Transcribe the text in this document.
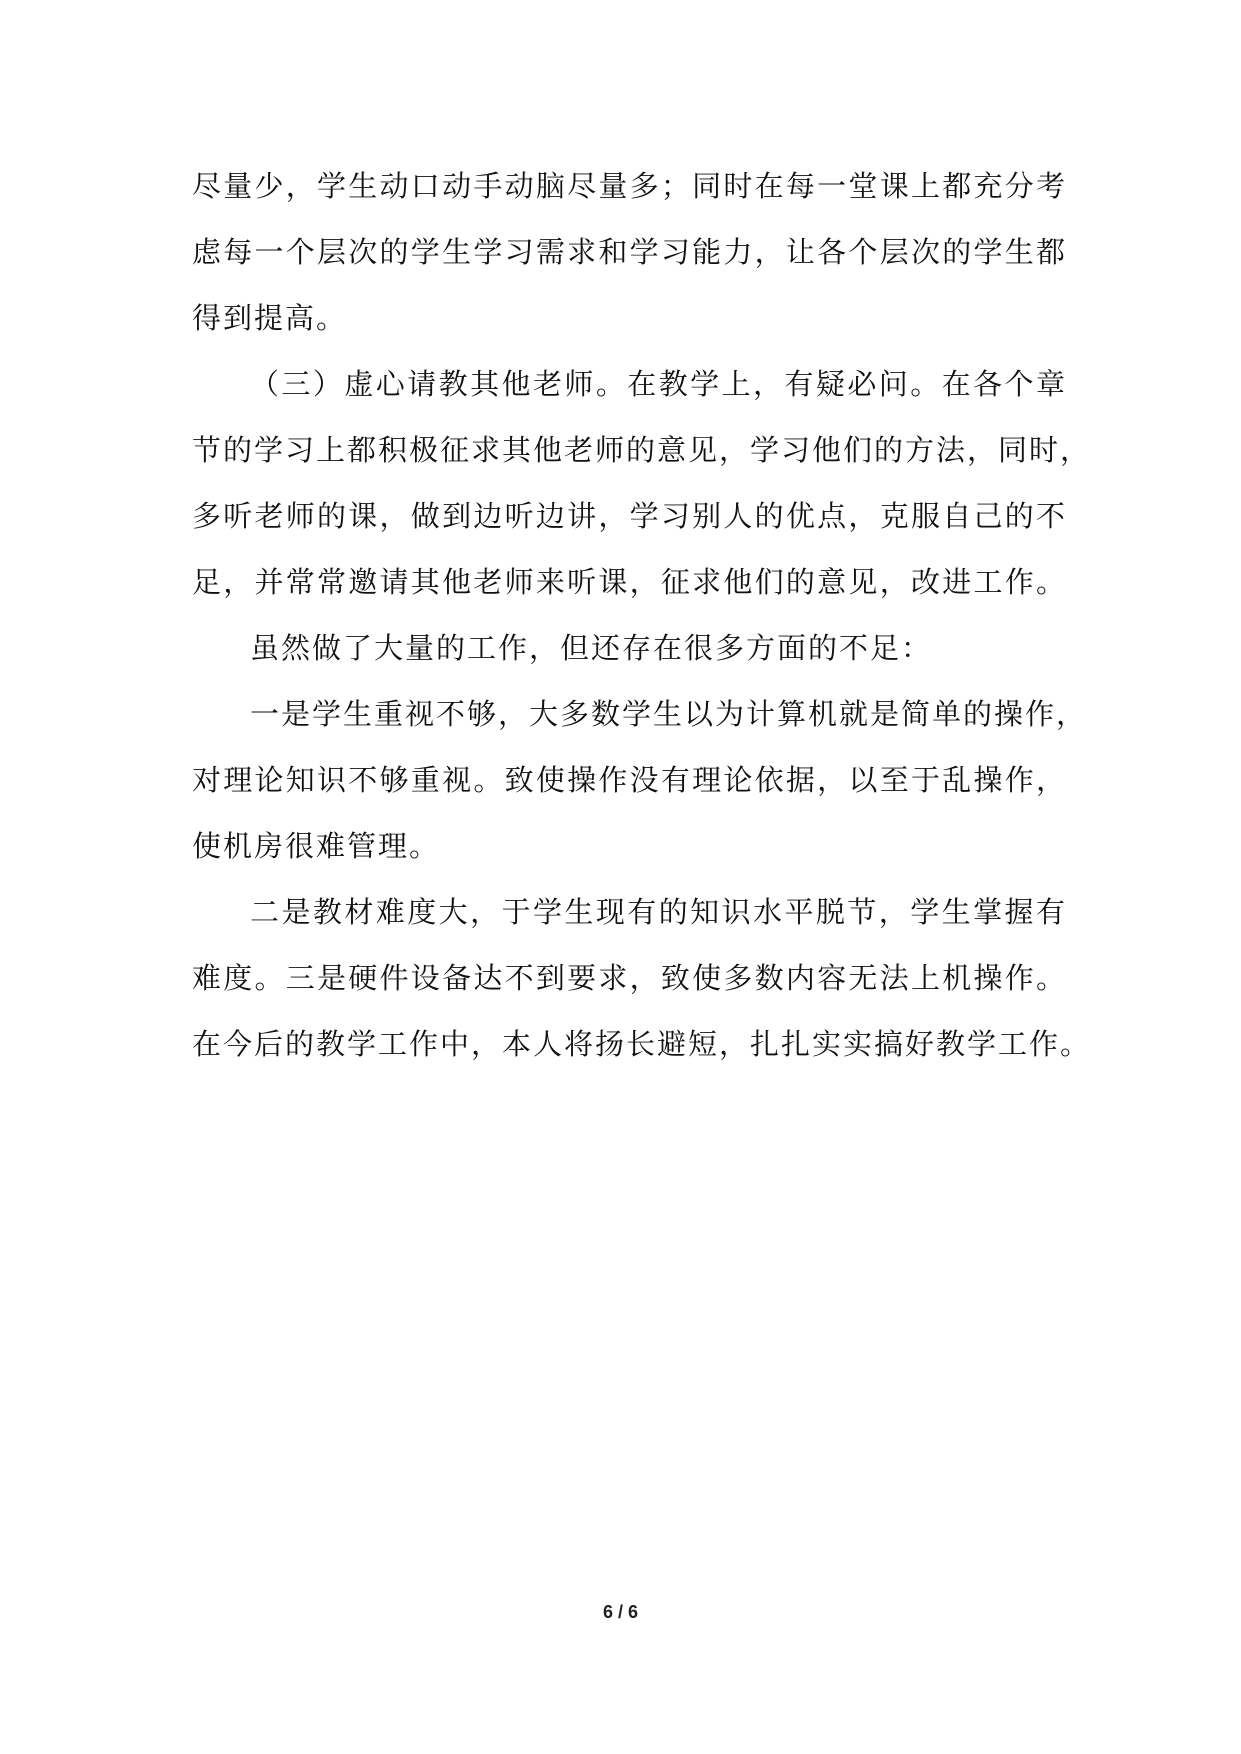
尽量少，学生动口动手动脑尽量多；同时在每一堂课上都充分考
虑每一个层次的学生学习需求和学习能力，让各个层次的学生都
得到提高。
（三）虚心请教其他老师。在教学上，有疑必问。在各个章
节的学习上都积极征求其他老师的意见，学习他们的方法，同时，
多听老师的课，做到边听边讲，学习别人的优点，克服自己的不
足，并常常邀请其他老师来听课，征求他们的意见，改进工作。
虽然做了大量的工作，但还存在很多方面的不足：
一是学生重视不够，大多数学生以为计算机就是简单的操作，
对理论知识不够重视。致使操作没有理论依据，以至于乱操作，
使机房很难管理。
二是教材难度大，于学生现有的知识水平脱节，学生掌握有
难度。三是硬件设备达不到要求，致使多数内容无法上机操作。
在今后的教学工作中，本人将扬长避短，扎扎实实搞好教学工作。
6 / 6
